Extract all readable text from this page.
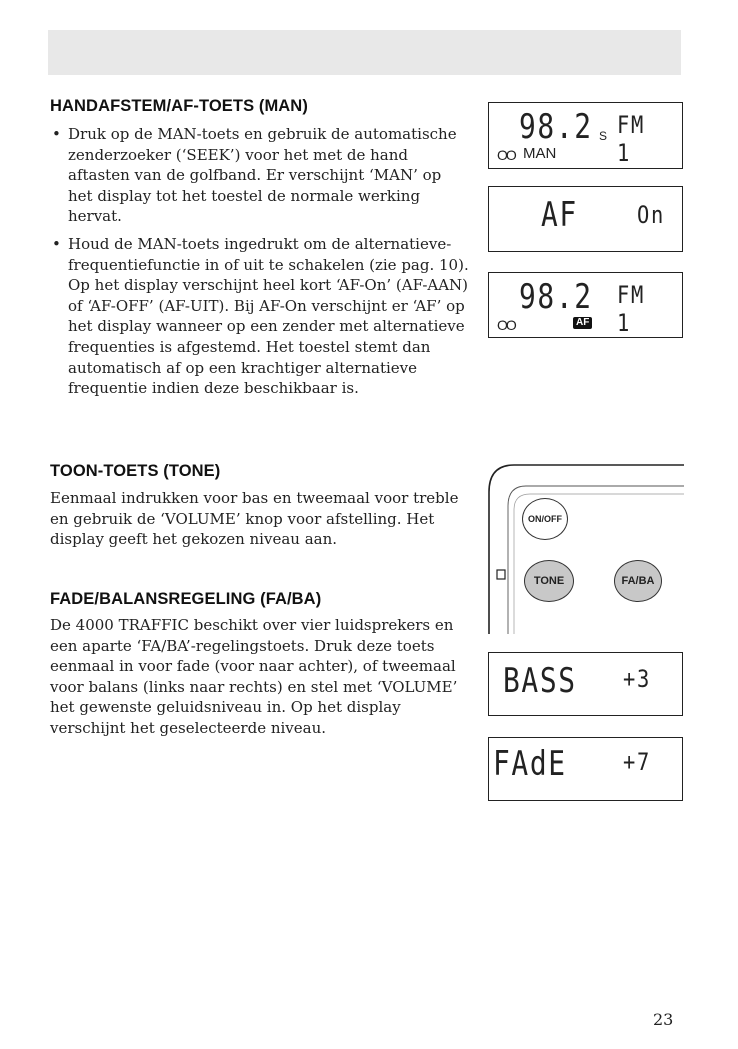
HANDAFSTEM/AF-TOETS (MAN)
• Druk op de MAN-toets en gebruik de automatische zenderzoeker (‘SEEK’) voor het met de hand aftasten van de golfband. Er verschijnt ‘MAN’ op het display tot het toestel de normale werking hervat.
• Houd de MAN-toets ingedrukt om de alternatieve-frequentiefunctie in of uit te schakelen (zie pag. 10). Op het display verschijnt heel kort ‘AF-On’ (AF-AAN) of ‘AF-OFF’ (AF-UIT). Bij AF-On verschijnt er ‘AF’ op het display wanneer op een zender met alternatieve frequenties is afgestemd. Het toestel stemt dan automatisch af op een krachtiger alternatieve frequentie indien deze beschikbaar is.
TOON-TOETS (TONE)

Eenmaal indrukken voor bas en tweemaal voor treble en gebruik de ‘VOLUME’ knop voor afstelling. Het display geeft het gekozen niveau aan.

FADE/BALANSREGELING (FA/BA)

De 4000 TRAFFIC beschikt over vier luidsprekers en een aparte ‘FA/BA’-regelingstoets. Druk deze toets eenmaal in voor fade (voor naar achter), of tweemaal voor balans (links naar rechts) en stel met ‘VOLUME’ het gewenste geluidsniveau in. Op het display verschijnt het geselecteerde niveau.

98.2 S FM 1
OO MAN
AF On
98.2 FM 1
OO	AF
ON/OFF
TONE	FA/BA
BASS +3
FAdE +7
23
